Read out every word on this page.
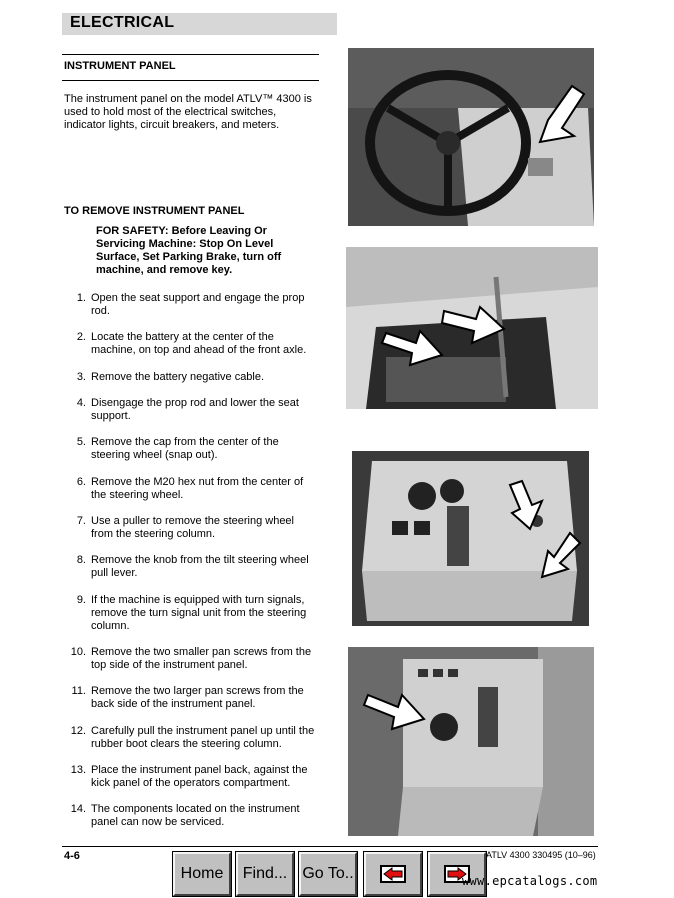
ELECTRICAL
INSTRUMENT PANEL
The instrument panel on the model ATLV™ 4300 is used to hold most of the electrical switches, indicator lights, circuit breakers, and meters.
TO REMOVE INSTRUMENT PANEL
FOR SAFETY: Before Leaving Or Servicing Machine: Stop On Level Surface, Set Parking Brake, turn off machine, and remove key.
1. Open the seat support and engage the prop rod.
2. Locate the battery at the center of the machine, on top and ahead of the front axle.
3. Remove the battery negative cable.
4. Disengage the prop rod and lower the seat support.
5. Remove the cap from the center of the steering wheel (snap out).
6. Remove the M20 hex nut from the center of the steering wheel.
7. Use a puller to remove the steering wheel from the steering column.
8. Remove the knob from the tilt steering wheel pull lever.
9. If the machine is equipped with turn signals, remove the turn signal unit from the steering column.
10. Remove the two smaller pan screws from the top side of the instrument panel.
11. Remove the two larger pan screws from the back side of the instrument panel.
12. Carefully pull the instrument panel up until the rubber boot clears the steering column.
13. Place the instrument panel back, against the kick panel of the operators compartment.
14. The components located on the instrument panel can now be serviced.
4-6	ATLV 4300 330495 (10–96)
Home	Find... Go To..	www.epcatalogs.com
